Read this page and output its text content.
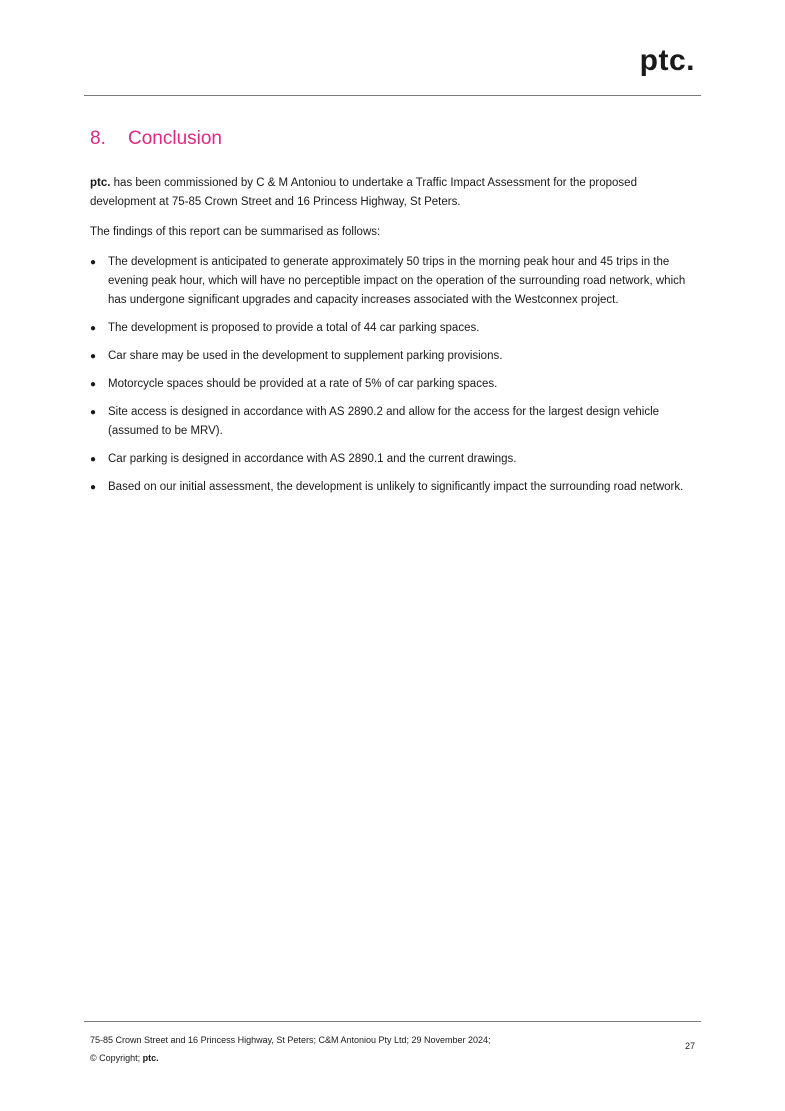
ptc.
8.	Conclusion

ptc. has been commissioned by C & M Antoniou to undertake a Traffic Impact Assessment for the proposed development at 75-85 Crown Street and 16 Princess Highway, St Peters.

The findings of this report can be summarised as follows:

●	The development is anticipated to generate approximately 50 trips in the morning peak hour and 45 trips in the evening peak hour, which will have no perceptible impact on the operation of the surrounding road network, which has undergone significant upgrades and capacity increases associated with the Westconnex project.
●	The development is proposed to provide a total of 44 car parking spaces.
●	Car share may be used in the development to supplement parking provisions.
●	Motorcycle spaces should be provided at a rate of 5% of car parking spaces.
●	Site access is designed in accordance with AS 2890.2 and allow for the access for the largest design vehicle (assumed to be MRV).
●	Car parking is designed in accordance with AS 2890.1 and the current drawings.
●	Based on our initial assessment, the development is unlikely to significantly impact the surrounding road network.
75-85 Crown Street and 16 Princess Highway, St Peters; C&M Antoniou Pty Ltd; 29 November 2024;
© Copyright; ptc.
27
